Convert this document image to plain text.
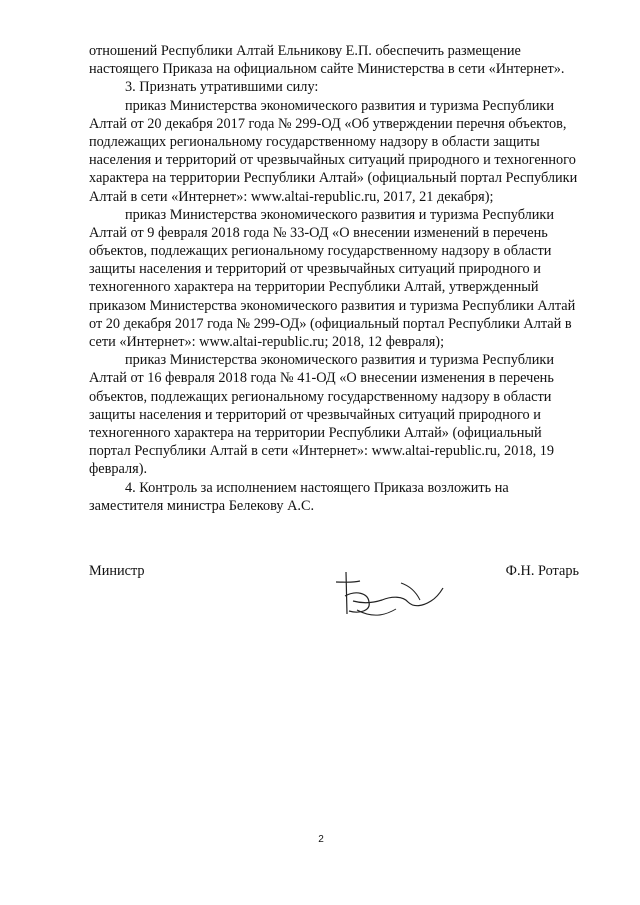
отношений Республики Алтай Ельникову Е.П. обеспечить размещение
настоящего Приказа на официальном сайте Министерства в сети «Интернет».
3. Признать утратившими силу:
приказ Министерства экономического развития и туризма Республики
Алтай от 20 декабря 2017 года № 299-ОД «Об утверждении перечня объектов,
подлежащих региональному государственному надзору в области защиты
населения и территорий от чрезвычайных ситуаций природного и техногенного
характера на территории Республики Алтай» (официальный портал Республики
Алтай в сети «Интернет»: www.altai-republic.ru, 2017, 21 декабря);
приказ Министерства экономического развития и туризма Республики
Алтай от 9 февраля 2018 года № 33-ОД «О внесении изменений в перечень
объектов, подлежащих региональному государственному надзору в области
защиты населения и территорий от чрезвычайных ситуаций природного и
техногенного характера на территории Республики Алтай, утвержденный
приказом Министерства экономического развития и туризма Республики Алтай
от 20 декабря 2017 года № 299-ОД» (официальный портал Республики Алтай в
сети «Интернет»: www.altai-republic.ru; 2018, 12 февраля);
приказ Министерства экономического развития и туризма Республики
Алтай от 16 февраля 2018 года № 41-ОД «О внесении изменения в перечень
объектов, подлежащих региональному государственному надзору в области
защиты населения и территорий от чрезвычайных ситуаций природного и
техногенного характера на территории Республики Алтай» (официальный
портал Республики Алтай в сети «Интернет»: www.altai-republic.ru, 2018, 19
февраля).
4. Контроль за исполнением настоящего Приказа возложить на
заместителя министра Белекову А.С.
Министр	Ф.Н. Ротарь
2
